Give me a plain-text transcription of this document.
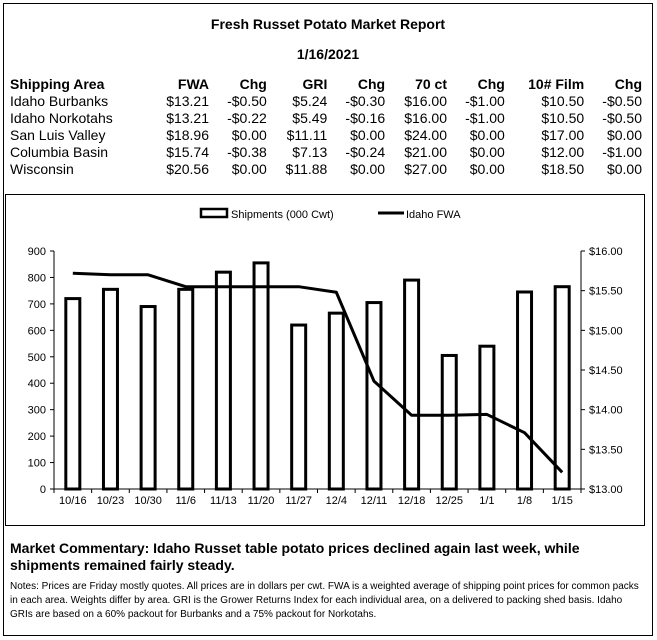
Fresh Russet Potato Market Report
1/16/2021
Shipping Area	FWA	Chg	GRI	Chg	70 ct	Chg	10# Film	Chg
Idaho Burbanks	$13.21	-$0.50	$5.24	-$0.30	$16.00	-$1.00	$10.50	-$0.50
Idaho Norkotahs	$13.21	-$0.22	$5.49	-$0.16	$16.00	-$1.00	$10.50	-$0.50
San Luis Valley	$18.96	$0.00	$11.11	$0.00	$24.00	$0.00	$17.00	$0.00
Columbia Basin	$15.74	-$0.38	$7.13	-$0.24	$21.00	$0.00	$12.00	-$1.00
Wisconsin	$20.56	$0.00	$11.88	$0.00	$27.00	$0.00	$18.50	$0.00
0
100
200
300
400
500
600
700
800
900
$13.00
$13.50
$14.00
$14.50
$15.00
$15.50
$16.00
10/16 10/23 10/30 11/6 11/13 11/20 11/27 12/4 12/11 12/18 12/25 1/1 1/8 1/15
Shipments (000 Cwt)	Idaho FWA
Market Commentary: Idaho Russet table potato prices declined again last week, while shipments remained fairly steady.
Notes: Prices are Friday mostly quotes. All prices are in dollars per cwt. FWA is a weighted average of shipping point prices for common packs in each area. Weights differ by area. GRI is the Grower Returns Index for each individual area, on a delivered to packing shed basis. Idaho GRIs are based on a 60% packout for Burbanks and a 75% packout for Norkotahs.
